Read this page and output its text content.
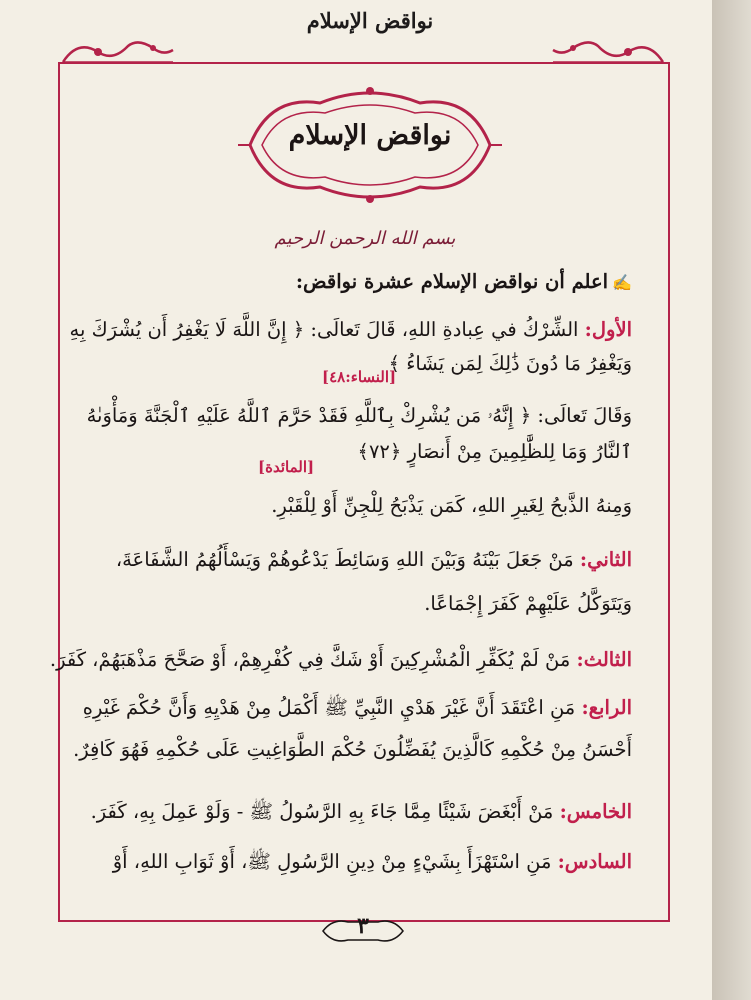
نواقض الإسلام
نواقض الإسلام
بسم الله الرحمن الرحيم
✍اعلم أن نواقض الإسلام عشرة نواقض:
الأول: الشِّرْكُ في عِبادةِ اللهِ، قَالَ تَعالَى: ﴿ إِنَّ اللَّهَ لَا يَغْفِرُ أَن يُشْرَكَ بِهِ
وَيَغْفِرُ مَا دُونَ ذَٰلِكَ لِمَن يَشَاءُ ﴾
[النساء:٤٨]
وَقَالَ تَعالَى: ﴿ إِنَّهُۥ مَن يُشْرِكْ بِٱللَّهِ فَقَدْ حَرَّمَ ٱللَّهُ عَلَيْهِ ٱلْجَنَّةَ وَمَأْوَىٰهُ
ٱلنَّارُ وَمَا لِلظَّٰلِمِينَ مِنْ أَنصَارٍ ﴿٧٢﴾
[المائدة]
وَمِنهُ الذَّبحُ لِغَيرِ اللهِ، كَمَن يَذْبَحُ لِلْجِنِّ أَوْ لِلْقَبْرِ.
الثاني: مَنْ جَعَلَ بَيْنَهُ وَبَيْنَ اللهِ وَسَائِطَ يَدْعُوهُمْ وَيَسْأَلُهُمُ الشَّفَاعَةَ،
وَيَتَوَكَّلُ عَلَيْهِمْ كَفَرَ إِجْمَاعًا.
الثالث: مَنْ لَمْ يُكَفِّرِ الْمُشْرِكِينَ أَوْ شَكَّ فِي كُفْرِهِمْ، أَوْ صَحَّحَ مَذْهَبَهُمْ، كَفَرَ.
الرابع: مَنِ اعْتَقَدَ أَنَّ غَيْرَ هَدْيِ النَّبِيِّ ﷺ أَكْمَلُ مِنْ هَدْيِهِ وَأَنَّ حُكْمَ غَيْرِهِ
أَحْسَنُ مِنْ حُكْمِهِ كَالَّذِينَ يُفَضِّلُونَ حُكْمَ الطَّوَاغِيتِ عَلَى حُكْمِهِ فَهُوَ كَافِرٌ.
الخامس: مَنْ أَبْغَضَ شَيْئًا مِمَّا جَاءَ بِهِ الرَّسُولُ ﷺ - وَلَوْ عَمِلَ بِهِ، كَفَرَ.
السادس: مَنِ اسْتَهْزَأَ بِشَيْءٍ مِنْ دِينِ الرَّسُولِ ﷺ، أَوْ ثَوَابِ اللهِ، أَوْ
٣
